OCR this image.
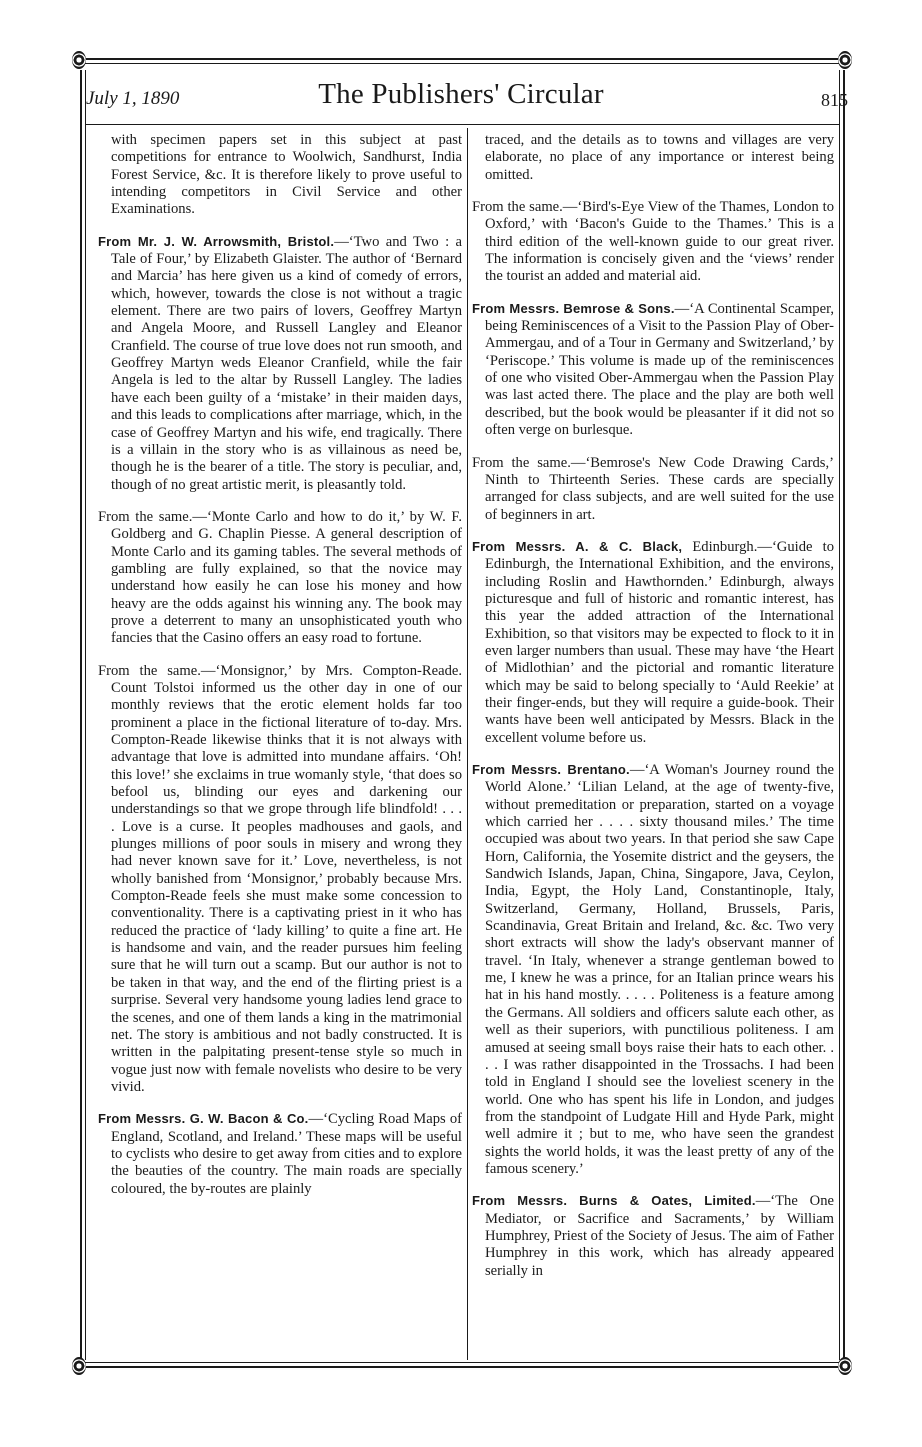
July 1, 1890	The Publishers' Circular	815

with specimen papers set in this subject at past competitions for entrance to Woolwich, Sandhurst, India Forest Service, &c. It is therefore likely to prove useful to intending competitors in Civil Service and other Examinations.

From Mr. J. W. Arrowsmith, Bristol.—‘Two and Two : a Tale of Four,’ by Elizabeth Glaister. The author of ‘Bernard and Marcia’ has here given us a kind of comedy of errors, which, however, towards the close is not without a tragic element. There are two pairs of lovers, Geoffrey Martyn and Angela Moore, and Russell Langley and Eleanor Cranfield. The course of true love does not run smooth, and Geoffrey Martyn weds Eleanor Cranfield, while the fair Angela is led to the altar by Russell Langley. The ladies have each been guilty of a ‘mistake’ in their maiden days, and this leads to complications after marriage, which, in the case of Geoffrey Martyn and his wife, end tragically. There is a villain in the story who is as villainous as need be, though he is the bearer of a title. The story is peculiar, and, though of no great artistic merit, is pleasantly told.

From the same.—‘Monte Carlo and how to do it,’ by W. F. Goldberg and G. Chaplin Piesse. A general description of Monte Carlo and its gaming tables. The several methods of gambling are fully explained, so that the novice may understand how easily he can lose his money and how heavy are the odds against his winning any. The book may prove a deterrent to many an unsophisticated youth who fancies that the Casino offers an easy road to fortune.

From the same.—‘Monsignor,’ by Mrs. Compton-Reade. Count Tolstoi informed us the other day in one of our monthly reviews that the erotic element holds far too prominent a place in the fictional literature of to-day. Mrs. Compton-Reade likewise thinks that it is not always with advantage that love is admitted into mundane affairs. ‘Oh! this love!’ she exclaims in true womanly style, ‘that does so befool us, blinding our eyes and darkening our understandings so that we grope through life blindfold! . . . . Love is a curse. It peoples madhouses and gaols, and plunges millions of poor souls in misery and wrong they had never known save for it.’ Love, nevertheless, is not wholly banished from ‘Monsignor,’ probably because Mrs. Compton-Reade feels she must make some concession to conventionality. There is a captivating priest in it who has reduced the practice of ‘lady killing’ to quite a fine art. He is handsome and vain, and the reader pursues him feeling sure that he will turn out a scamp. But our author is not to be taken in that way, and the end of the flirting priest is a surprise. Several very handsome young ladies lend grace to the scenes, and one of them lands a king in the matrimonial net. The story is ambitious and not badly constructed. It is written in the palpitating present-tense style so much in vogue just now with female novelists who desire to be very vivid.

From Messrs. G. W. Bacon & Co.—‘Cycling Road Maps of England, Scotland, and Ireland.’ These maps will be useful to cyclists who desire to get away from cities and to explore the beauties of the country. The main roads are specially coloured, the by-routes are plainly

traced, and the details as to towns and villages are very elaborate, no place of any importance or interest being omitted.

From the same.—‘Bird's-Eye View of the Thames, London to Oxford,’ with ‘Bacon's Guide to the Thames.’ This is a third edition of the well-known guide to our great river. The information is concisely given and the ‘views’ render the tourist an added and material aid.

From Messrs. Bemrose & Sons.—‘A Continental Scamper, being Reminiscences of a Visit to the Passion Play of Ober-Ammergau, and of a Tour in Germany and Switzerland,’ by ‘Periscope.’ This volume is made up of the reminiscences of one who visited Ober-Ammergau when the Passion Play was last acted there. The place and the play are both well described, but the book would be pleasanter if it did not so often verge on burlesque.

From the same.—‘Bemrose's New Code Drawing Cards,’ Ninth to Thirteenth Series. These cards are specially arranged for class subjects, and are well suited for the use of beginners in art.

From Messrs. A. & C. Black, Edinburgh.—‘Guide to Edinburgh, the International Exhibition, and the environs, including Roslin and Hawthornden.’ Edinburgh, always picturesque and full of historic and romantic interest, has this year the added attraction of the International Exhibition, so that visitors may be expected to flock to it in even larger numbers than usual. These may have ‘the Heart of Midlothian’ and the pictorial and romantic literature which may be said to belong specially to ‘Auld Reekie’ at their finger-ends, but they will require a guide-book. Their wants have been well anticipated by Messrs. Black in the excellent volume before us.

From Messrs. Brentano.—‘A Woman's Journey round the World Alone.’ ‘Lilian Leland, at the age of twenty-five, without premeditation or preparation, started on a voyage which carried her . . . . sixty thousand miles.’ The time occupied was about two years. In that period she saw Cape Horn, California, the Yosemite district and the geysers, the Sandwich Islands, Japan, China, Singapore, Java, Ceylon, India, Egypt, the Holy Land, Constantinople, Italy, Switzerland, Germany, Holland, Brussels, Paris, Scandinavia, Great Britain and Ireland, &c. &c. Two very short extracts will show the lady's observant manner of travel. ‘In Italy, whenever a strange gentleman bowed to me, I knew he was a prince, for an Italian prince wears his hat in his hand mostly. . . . . Politeness is a feature among the Germans. All soldiers and officers salute each other, as well as their superiors, with punctilious politeness. I am amused at seeing small boys raise their hats to each other. . . . I was rather disappointed in the Trossachs. I had been told in England I should see the loveliest scenery in the world. One who has spent his life in London, and judges from the standpoint of Ludgate Hill and Hyde Park, might well admire it ; but to me, who have seen the grandest sights the world holds, it was the least pretty of any of the famous scenery.’

From Messrs. Burns & Oates, Limited.—‘The One Mediator, or Sacrifice and Sacraments,’ by William Humphrey, Priest of the Society of Jesus. The aim of Father Humphrey in this work, which has already appeared serially in
